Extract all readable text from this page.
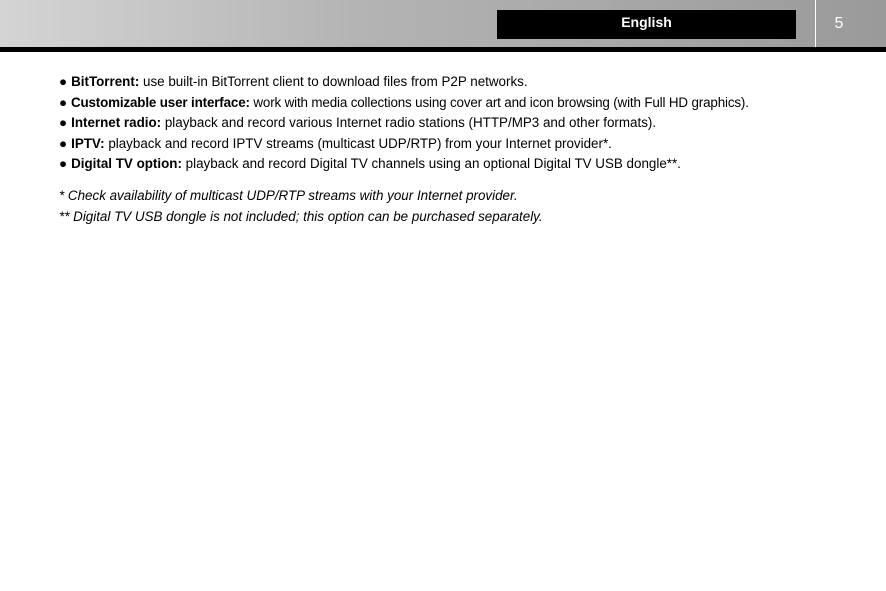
English	5
● BitTorrent: use built-in BitTorrent client to download files from P2P networks.
● Customizable user interface: work with media collections using cover art and icon browsing (with Full HD graphics).
● Internet radio: playback and record various Internet radio stations (HTTP/MP3 and other formats).
● IPTV: playback and record IPTV streams (multicast UDP/RTP) from your Internet provider*.
● Digital TV option: playback and record Digital TV channels using an optional Digital TV USB dongle**.

* Check availability of multicast UDP/RTP streams with your Internet provider.

** Digital TV USB dongle is not included; this option can be purchased separately.
